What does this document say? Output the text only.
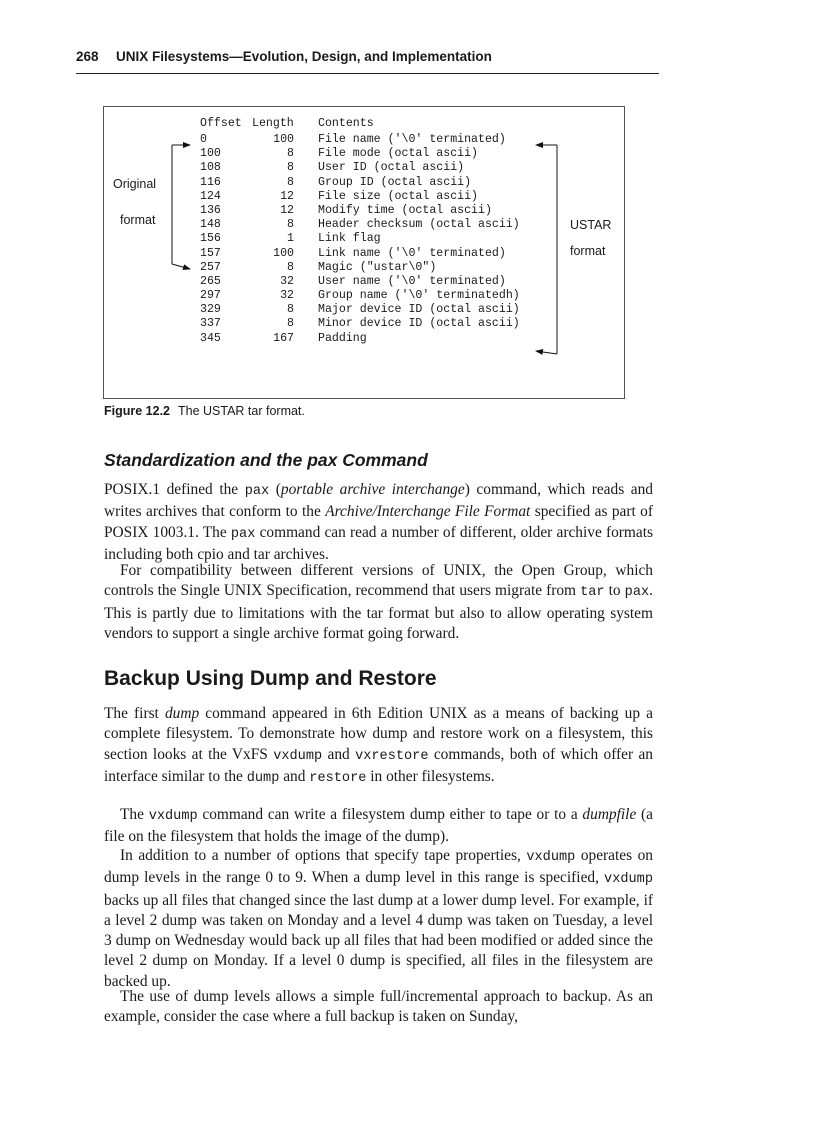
268 UNIX Filesystems—Evolution, Design, and Implementation
Original
format	USTAR
format
Offset Length Contents
0	100 File name ('\0' terminated)
100	8 File mode (octal ascii)
108	8 User ID (octal ascii)
116	8 Group ID (octal ascii)
124	12 File size (octal ascii)
136	12 Modify time (octal ascii)
148	8 Header checksum (octal ascii)
156	1 Link flag
157	100 Link name ('\0' terminated)
257	8 Magic ("ustar\0")
265	32 User name ('\0' terminated)
297	32 Group name ('\0' terminatedh)
329	8 Major device ID (octal ascii)
337	8 Minor device ID (octal ascii)
345	167 Padding
Figure 12.2 The USTAR tar format.
Standardization and the pax Command
POSIX.1 defined the pax (portable archive interchange) command, which reads and writes archives that conform to the Archive/Interchange File Format specified as part of POSIX 1003.1. The pax command can read a number of different, older archive formats including both cpio and tar archives.
For compatibility between different versions of UNIX, the Open Group, which controls the Single UNIX Specification, recommend that users migrate from tar to pax. This is partly due to limitations with the tar format but also to allow operating system vendors to support a single archive format going forward.
Backup Using Dump and Restore
The first dump command appeared in 6th Edition UNIX as a means of backing up a complete filesystem. To demonstrate how dump and restore work on a filesystem, this section looks at the VxFS vxdump and vxrestore commands, both of which offer an interface similar to the dump and restore in other filesystems.
The vxdump command can write a filesystem dump either to tape or to a dumpfile (a file on the filesystem that holds the image of the dump).
In addition to a number of options that specify tape properties, vxdump operates on dump levels in the range 0 to 9. When a dump level in this range is specified, vxdump backs up all files that changed since the last dump at a lower dump level. For example, if a level 2 dump was taken on Monday and a level 4 dump was taken on Tuesday, a level 3 dump on Wednesday would back up all files that had been modified or added since the level 2 dump on Monday. If a level 0 dump is specified, all files in the filesystem are backed up.
The use of dump levels allows a simple full/incremental approach to backup. As an example, consider the case where a full backup is taken on Sunday,
